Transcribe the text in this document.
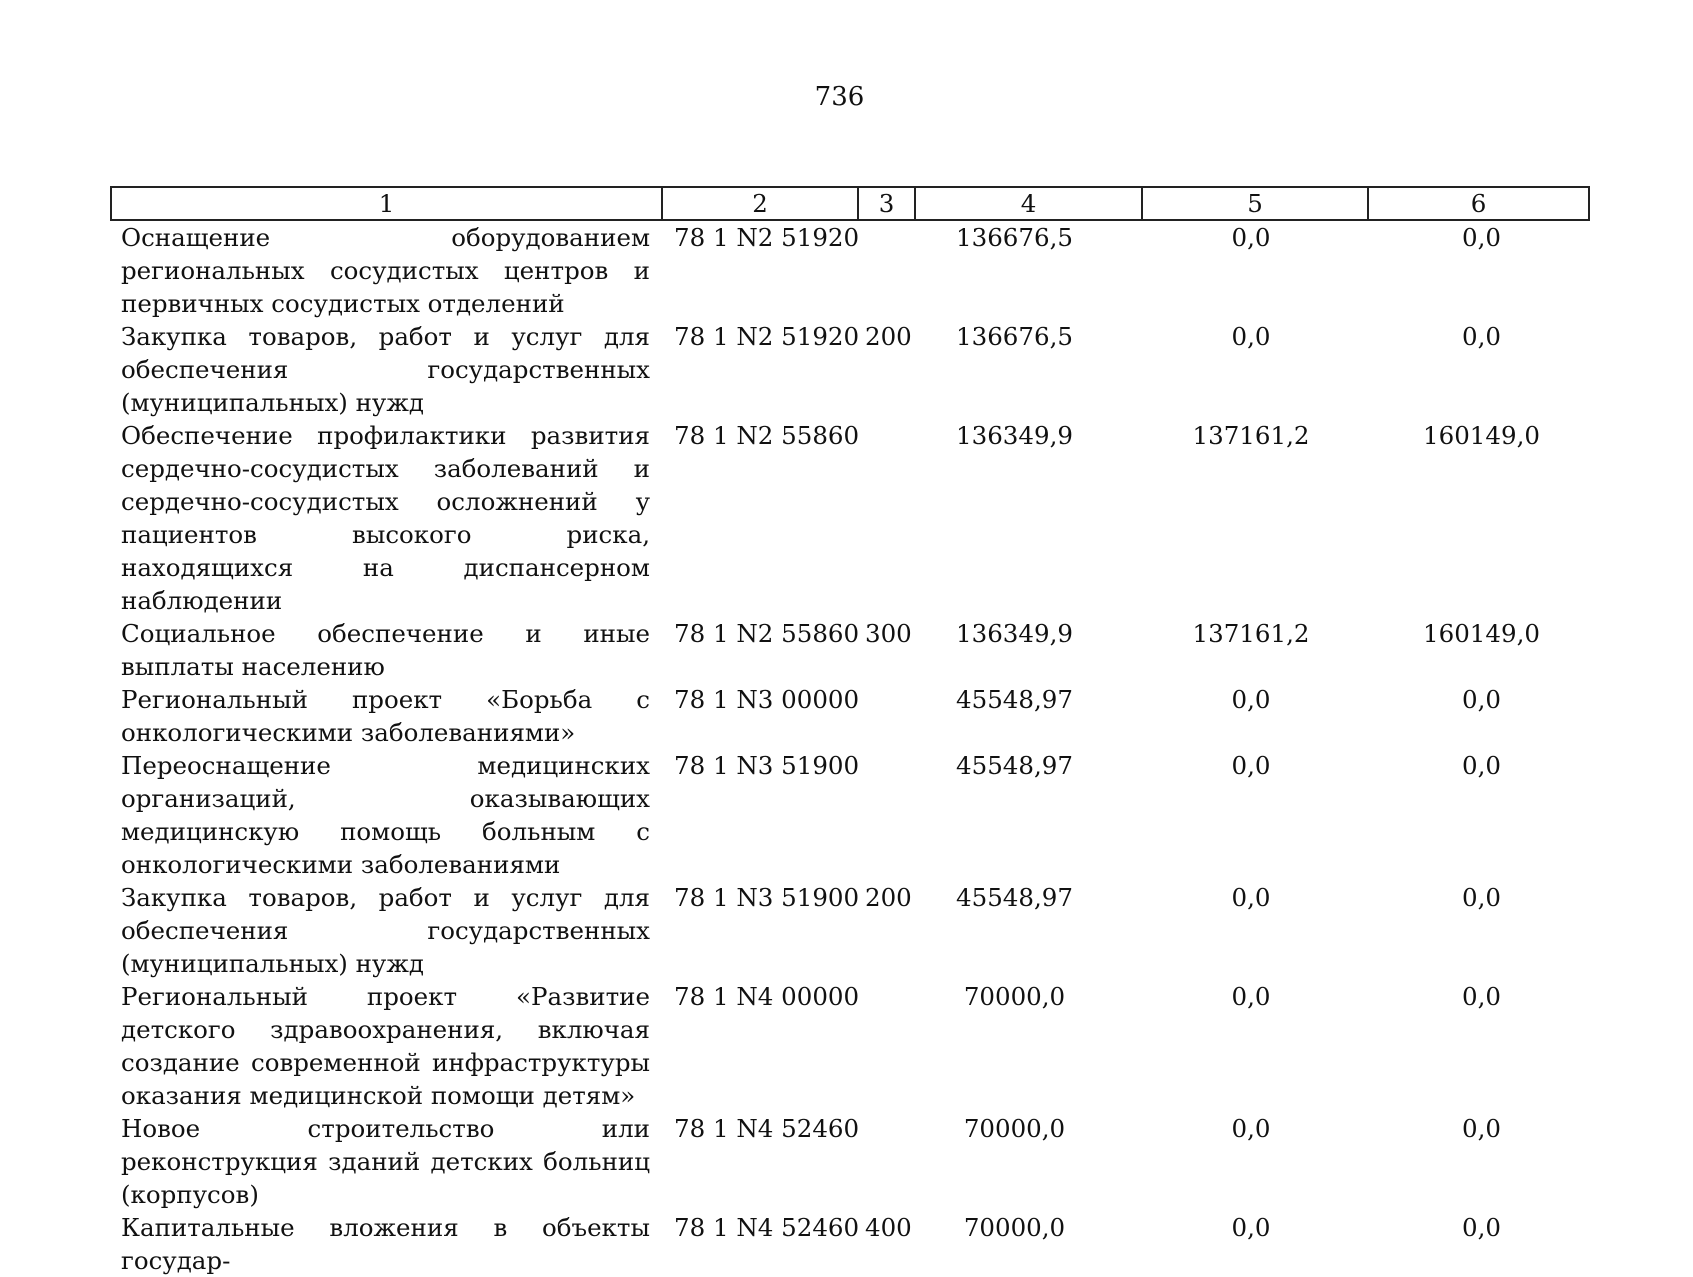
736
1	2	3	4	5	6
Оснащение оборудованием региональных сосудистых центров и первичных сосудистых отделений	78 1 N2 51920		136676,5	0,0	0,0
Закупка товаров, работ и услуг для обеспечения государственных (муниципальных) нужд	78 1 N2 51920	200	136676,5	0,0	0,0
Обеспечение профилактики развития сердечно-сосудистых заболеваний и сердечно-сосудистых осложнений у пациентов высокого риска, находящихся на диспансерном наблюдении	78 1 N2 55860		136349,9	137161,2	160149,0
Социальное обеспечение и иные выплаты населению	78 1 N2 55860	300	136349,9	137161,2	160149,0
Региональный проект «Борьба с онкологическими заболеваниями»	78 1 N3 00000		45548,97	0,0	0,0
Переоснащение медицинских организаций, оказывающих медицинскую помощь больным с онкологическими заболеваниями	78 1 N3 51900		45548,97	0,0	0,0
Закупка товаров, работ и услуг для обеспечения государственных (муниципальных) нужд	78 1 N3 51900	200	45548,97	0,0	0,0
Региональный проект «Развитие детского здравоохранения, включая создание современной инфраструктуры оказания медицинской помощи детям»	78 1 N4 00000		70000,0	0,0	0,0
Новое строительство или реконструкция зданий детских больниц (корпусов)	78 1 N4 52460		70000,0	0,0	0,0
Капитальные вложения в объекты государ-	78 1 N4 52460	400	70000,0	0,0	0,0
